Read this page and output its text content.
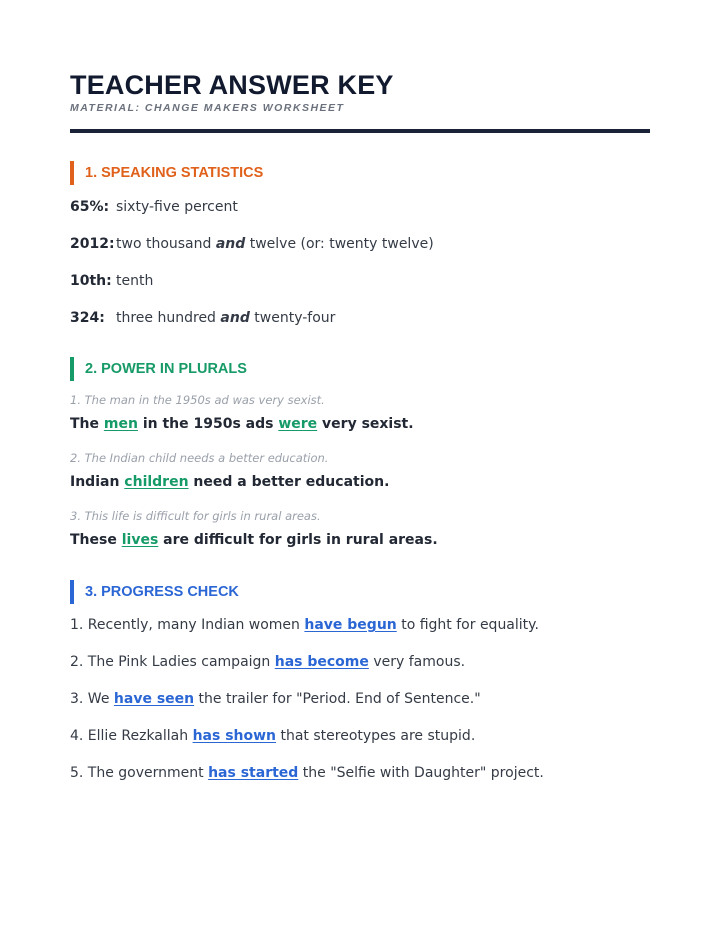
TEACHER ANSWER KEY
MATERIAL: CHANGE MAKERS WORKSHEET
1. SPEAKING STATISTICS
65%: sixty-five percent
2012:two thousand and twelve (or: twenty twelve)
10th: tenth
324: three hundred and twenty-four
2. POWER IN PLURALS
1. The man in the 1950s ad was very sexist.
The men in the 1950s ads were very sexist.
2. The Indian child needs a better education.
Indian children need a better education.
3. This life is difficult for girls in rural areas.
These lives are difficult for girls in rural areas.
3. PROGRESS CHECK
1. Recently, many Indian women have begun to fight for equality.
2. The Pink Ladies campaign has become very famous.
3. We have seen the trailer for "Period. End of Sentence."
4. Ellie Rezkallah has shown that stereotypes are stupid.
5. The government has started the "Selfie with Daughter" project.
